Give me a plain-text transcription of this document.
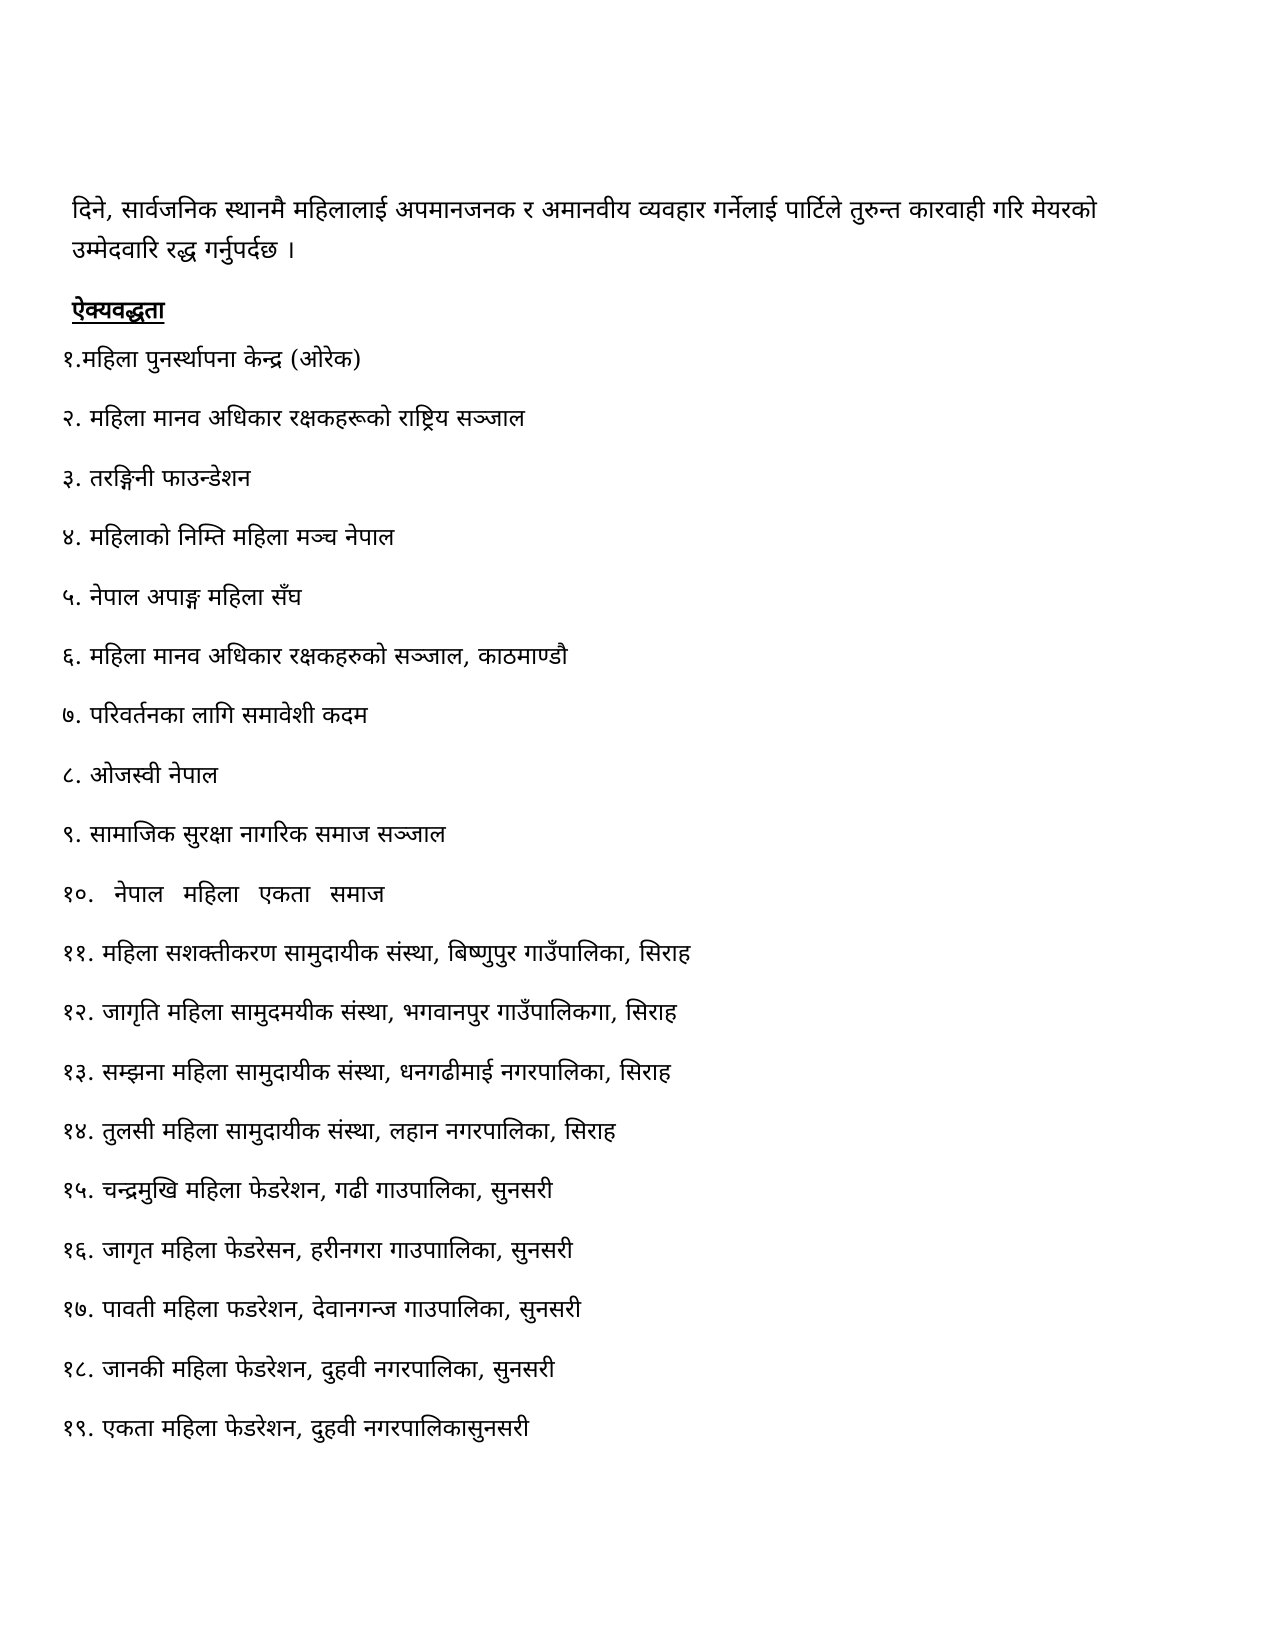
दिने, सार्वजनिक स्थानमै महिलालाई अपमानजनक र अमानवीय व्यवहार गर्नेलाई पार्टिले तुरुन्त कारवाही गरि मेयरको
उम्मेदवारि रद्ध गर्नुपर्दछ ।

ऐक्यवद्धता
१.महिला पुनर्स्थापना केन्द्र (ओरेक)
२. महिला मानव अधिकार रक्षकहरूको राष्ट्रिय सञ्जाल
३. तरङ्गिनी फाउन्डेशन
४. महिलाको निम्ति महिला मञ्च नेपाल
५. नेपाल अपाङ्ग महिला सँघ
६. महिला मानव अधिकार रक्षकहरुको सञ्जाल, काठमाण्डौ
७. परिवर्तनका लागि समावेशी कदम
८. ओजस्वी नेपाल
९. सामाजिक सुरक्षा नागरिक समाज सञ्जाल
१०. नेपाल महिला एकता समाज
११. महिला सशक्तीकरण सामुदायीक संस्था, बिष्णुपुर गाउँपालिका, सिराह
१२. जागृति महिला सामुदमयीक संस्था, भगवानपुर गाउँपालिकगा, सिराह
१३. सम्झना महिला सामुदायीक संस्था, धनगढीमाई नगरपालिका, सिराह
१४. तुलसी महिला सामुदायीक संस्था, लहान नगरपालिका, सिराह
१५. चन्द्रमुखि महिला फेडरेशन, गढी गाउपालिका, सुनसरी
१६. जागृत महिला फेडरेसन, हरीनगरा गाउपाालिका, सुनसरी
१७. पावती महिला फडरेशन, देवानगन्ज गाउपालिका, सुनसरी
१८. जानकी महिला फेडरेशन, दुहवी नगरपालिका, सुनसरी
१९. एकता महिला फेडरेशन, दुहवी नगरपालिकासुनसरी
